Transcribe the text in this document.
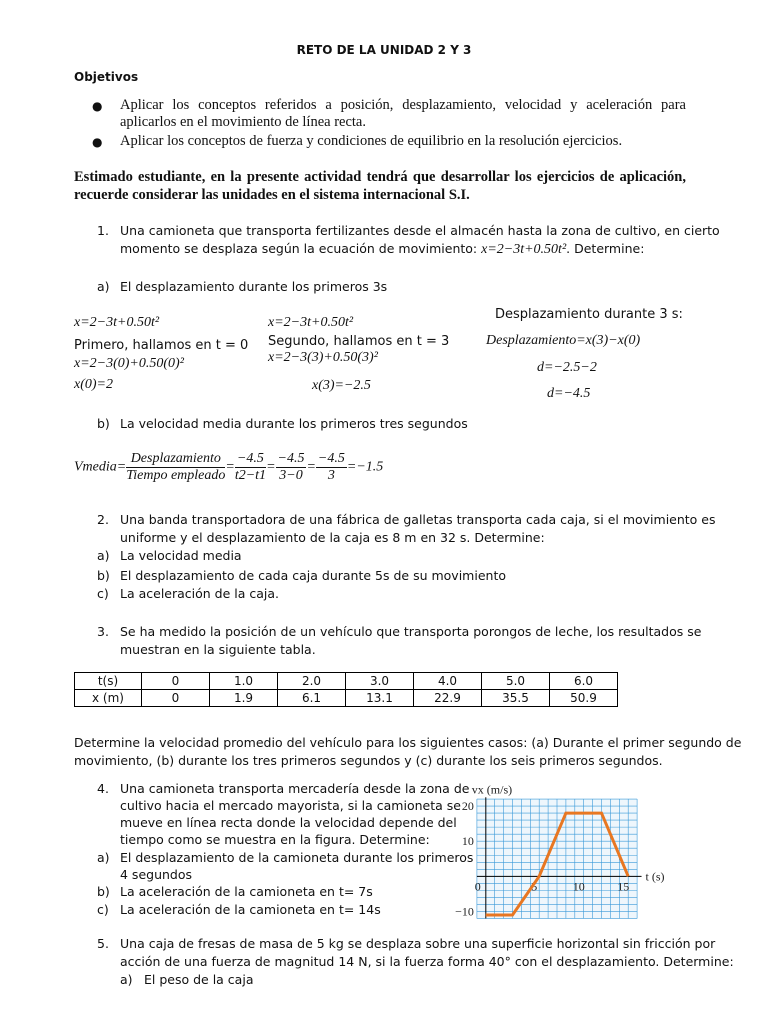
RETO DE LA UNIDAD 2 Y 3
Objetivos
● Aplicar los conceptos referidos a posición, desplazamiento, velocidad y aceleración para aplicarlos en el movimiento de línea recta.
● Aplicar los conceptos de fuerza y condiciones de equilibrio en la resolución ejercicios.
Estimado estudiante, en la presente actividad tendrá que desarrollar los ejercicios de aplicación, recuerde considerar las unidades en el sistema internacional S.I.
1. Una camioneta que transporta fertilizantes desde el almacén hasta la zona de cultivo, en cierto
momento se desplaza según la ecuación de movimiento: x=2−3t+0.50t². Determine:
a) El desplazamiento durante los primeros 3s
x=2−3t+0.50t²
Primero, hallamos en t = 0
x=2−3(0)+0.50(0)²
x(0)=2
x=2−3t+0.50t²
Segundo, hallamos en t = 3
x=2−3(3)+0.50(3)²
x(3)=−2.5
Desplazamiento durante 3 s:
Desplazamiento=x(3)−x(0)
d=−2.5−2
d=−4.5
b) La velocidad media durante los primeros tres segundos
Vmedia= $\frac{\text{Desplazamiento}}{\text{Tiempo empleado}} = \frac{-4.5}{t2-t1} = \frac{-4.5}{3-0} = \frac{-4.5}{3} =-1.5$
2. Una banda transportadora de una fábrica de galletas transporta cada caja, si el movimiento es
uniforme y el desplazamiento de la caja es 8 m en 32 s. Determine:
a) La velocidad media
b) El desplazamiento de cada caja durante 5s de su movimiento
c) La aceleración de la caja.
3. Se ha medido la posición de un vehículo que transporta porongos de leche, los resultados se
muestran en la siguiente tabla.
t(s)	0	1.0	2.0	3.0	4.0	5.0	6.0
x (m)	0	1.9	6.1	13.1	22.9	35.5	50.9
Determine la velocidad promedio del vehículo para los siguientes casos: (a) Durante el primer segundo de
movimiento, (b) durante los tres primeros segundos y (c) durante los seis primeros segundos.
4. Una camioneta transporta mercadería desde la zona de
cultivo hacia el mercado mayorista, si la camioneta se
mueve en línea recta donde la velocidad depende del
tiempo como se muestra en la figura. Determine:
a) El desplazamiento de la camioneta durante los primeros
4 segundos
b) La aceleración de la camioneta en t= 7s
c) La aceleración de la camioneta en t= 14s
0	5	10	15
20
10
−10
vx (m/s)
t (s)
5. Una caja de fresas de masa de 5 kg se desplaza sobre una superficie horizontal sin fricción por
acción de una fuerza de magnitud 14 N, si la fuerza forma 40° con el desplazamiento. Determine:
a) El peso de la caja
